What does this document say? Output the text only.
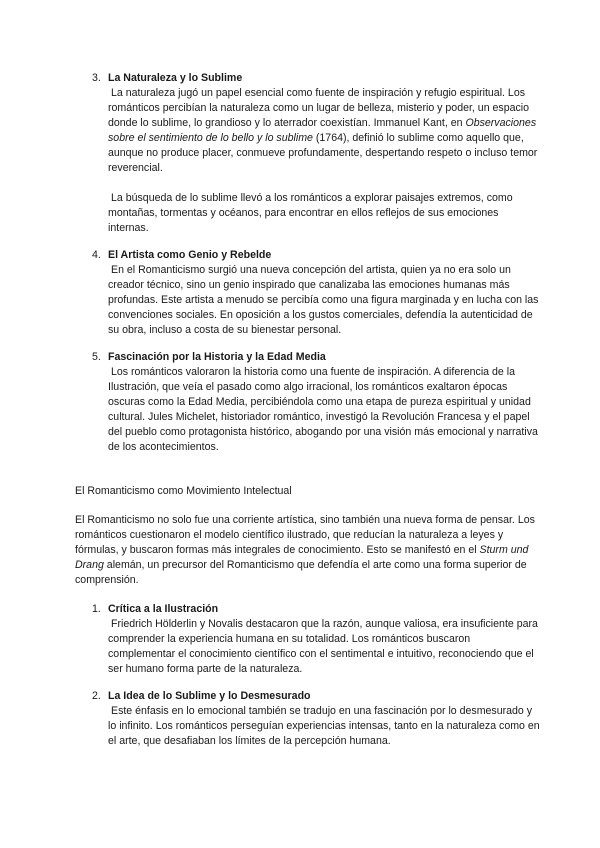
3. La Naturaleza y lo Sublime

La naturaleza jugó un papel esencial como fuente de inspiración y refugio espiritual. Los románticos percibían la naturaleza como un lugar de belleza, misterio y poder, un espacio donde lo sublime, lo grandioso y lo aterrador coexistían. Immanuel Kant, en Observaciones sobre el sentimiento de lo bello y lo sublime (1764), definió lo sublime como aquello que, aunque no produce placer, conmueve profundamente, despertando respeto o incluso temor reverencial.

La búsqueda de lo sublime llevó a los románticos a explorar paisajes extremos, como montañas, tormentas y océanos, para encontrar en ellos reflejos de sus emociones internas.

4. El Artista como Genio y Rebelde

En el Romanticismo surgió una nueva concepción del artista, quien ya no era solo un creador técnico, sino un genio inspirado que canalizaba las emociones humanas más profundas. Este artista a menudo se percibía como una figura marginada y en lucha con las convenciones sociales. En oposición a los gustos comerciales, defendía la autenticidad de su obra, incluso a costa de su bienestar personal.

5. Fascinación por la Historia y la Edad Media

Los románticos valoraron la historia como una fuente de inspiración. A diferencia de la Ilustración, que veía el pasado como algo irracional, los románticos exaltaron épocas oscuras como la Edad Media, percibiéndola como una etapa de pureza espiritual y unidad cultural. Jules Michelet, historiador romántico, investigó la Revolución Francesa y el papel del pueblo como protagonista histórico, abogando por una visión más emocional y narrativa de los acontecimientos.

El Romanticismo como Movimiento Intelectual

El Romanticismo no solo fue una corriente artística, sino también una nueva forma de pensar. Los románticos cuestionaron el modelo científico ilustrado, que reducían la naturaleza a leyes y fórmulas, y buscaron formas más integrales de conocimiento. Esto se manifestó en el Sturm und Drang alemán, un precursor del Romanticismo que defendía el arte como una forma superior de comprensión.

1. Crítica a la Ilustración

Friedrich Hölderlin y Novalis destacaron que la razón, aunque valiosa, era insuficiente para comprender la experiencia humana en su totalidad. Los románticos buscaron complementar el conocimiento científico con el sentimental e intuitivo, reconociendo que el ser humano forma parte de la naturaleza.

2. La Idea de lo Sublime y lo Desmesurado

Este énfasis en lo emocional también se tradujo en una fascinación por lo desmesurado y lo infinito. Los románticos perseguían experiencias intensas, tanto en la naturaleza como en el arte, que desafiaban los límites de la percepción humana.
